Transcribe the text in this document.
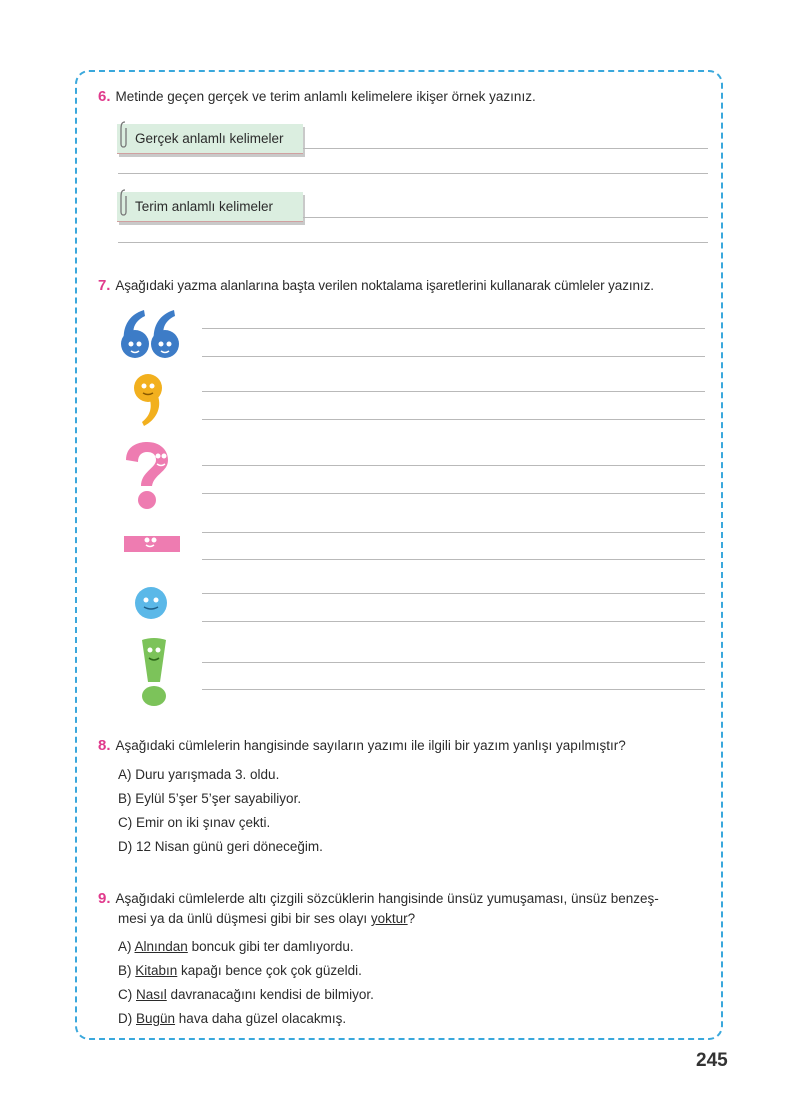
6. Metinde geçen gerçek ve terim anlamlı kelimelere ikişer örnek yazınız.
Gerçek anlamlı kelimeler
Terim anlamlı kelimeler
7. Aşağıdaki yazma alanlarına başta verilen noktalama işaretlerini kullanarak cümleler yazınız.
8. Aşağıdaki cümlelerin hangisinde sayıların yazımı ile ilgili bir yazım yanlışı yapılmıştır?
A) Duru yarışmada 3. oldu.
B) Eylül 5’şer 5’şer sayabiliyor.
C) Emir on iki şınav çekti.
D) 12 Nisan günü geri döneceğim.
9. Aşağıdaki cümlelerde altı çizgili sözcüklerin hangisinde ünsüz yumuşaması, ünsüz benzeş-
mesi ya da ünlü düşmesi gibi bir ses olayı yoktur?
A) Alnından boncuk gibi ter damlıyordu.
B) Kitabın kapağı bence çok çok güzeldi.
C) Nasıl davranacağını kendisi de bilmiyor.
D) Bugün hava daha güzel olacakmış.
245
